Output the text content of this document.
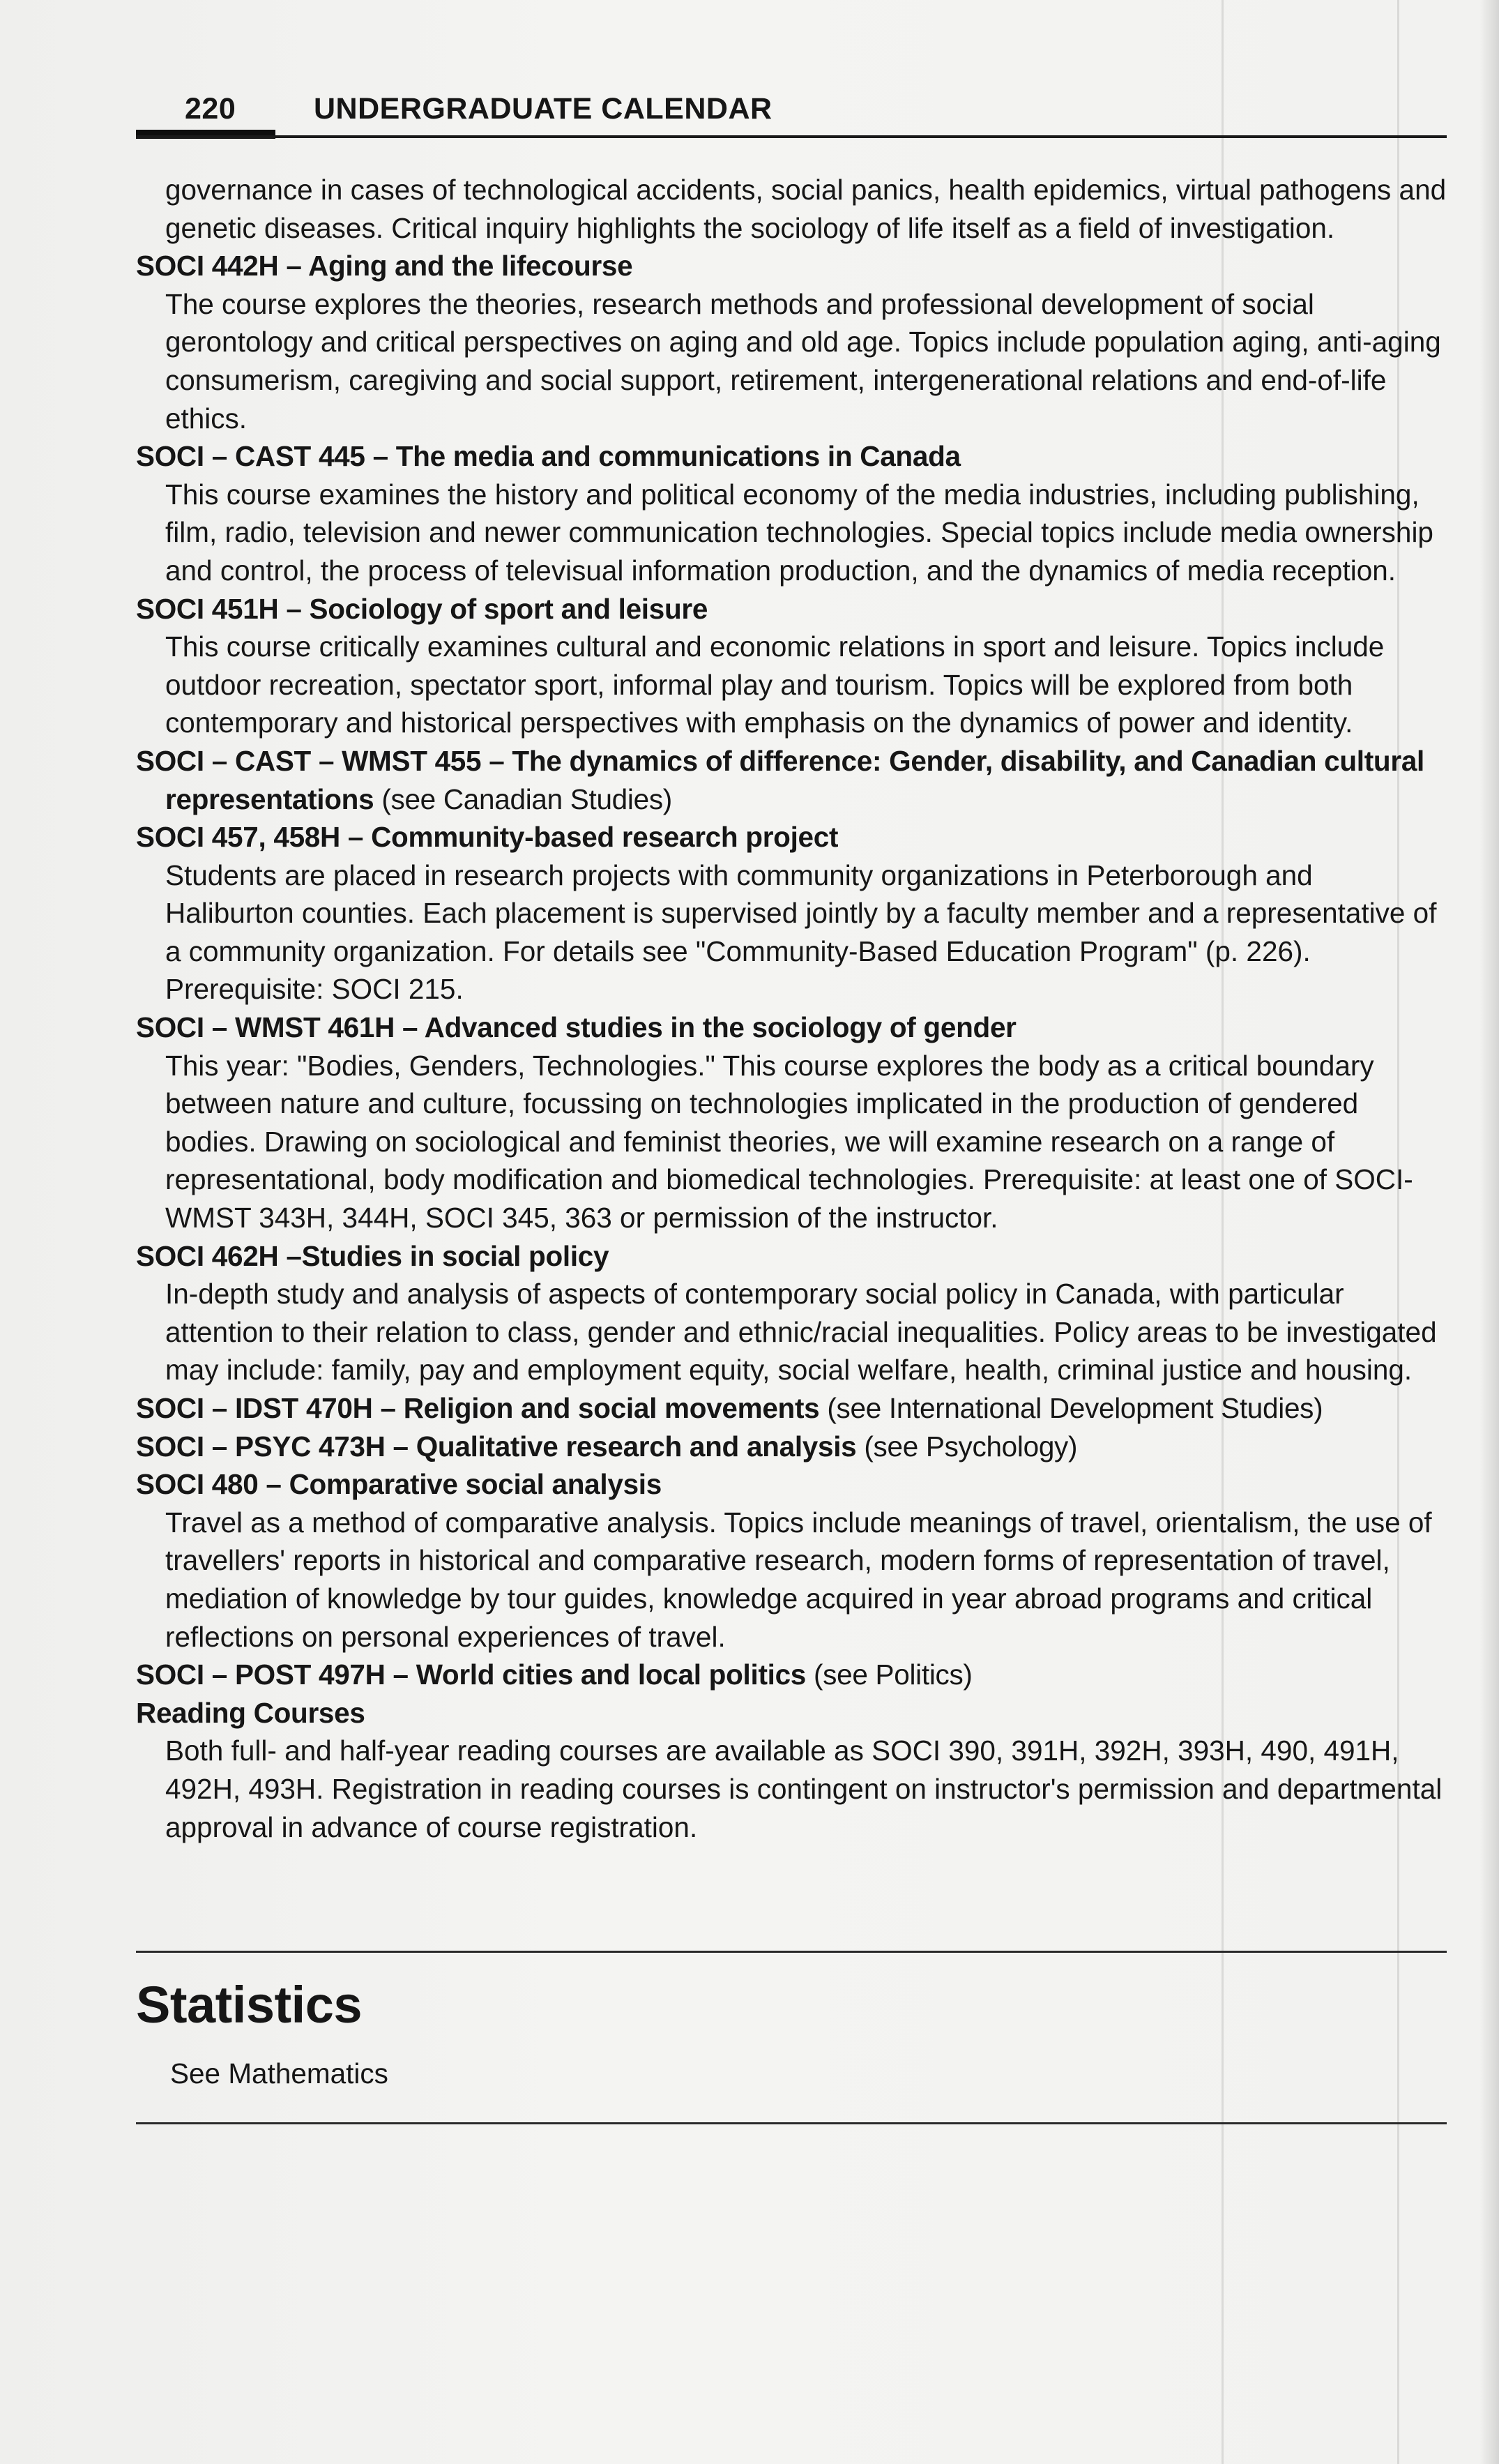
220	UNDERGRADUATE CALENDAR

governance in cases of technological accidents, social panics, health epidemics, virtual pathogens and genetic diseases. Critical inquiry highlights the sociology of life itself as a field of investigation.

SOCI 442H – Aging and the lifecourse

The course explores the theories, research methods and professional development of social gerontology and critical perspectives on aging and old age. Topics include population aging, anti-aging consumerism, caregiving and social support, retirement, intergenerational relations and end-of-life ethics.

SOCI – CAST 445 – The media and communications in Canada

This course examines the history and political economy of the media industries, including publishing, film, radio, television and newer communication technologies. Special topics include media ownership and control, the process of televisual information production, and the dynamics of media reception.

SOCI 451H – Sociology of sport and leisure

This course critically examines cultural and economic relations in sport and leisure. Topics include outdoor recreation, spectator sport, informal play and tourism. Topics will be explored from both contemporary and historical perspectives with emphasis on the dynamics of power and identity.

SOCI – CAST – WMST 455 – The dynamics of difference: Gender, disability, and Canadian cultural representations (see Canadian Studies)

SOCI 457, 458H – Community-based research project

Students are placed in research projects with community organizations in Peterborough and Haliburton counties. Each placement is supervised jointly by a faculty member and a representative of a community organization. For details see "Community-Based Education Program" (p. 226). Prerequisite: SOCI 215.

SOCI – WMST 461H – Advanced studies in the sociology of gender

This year: "Bodies, Genders, Technologies." This course explores the body as a critical boundary between nature and culture, focussing on technologies implicated in the production of gendered bodies. Drawing on sociological and feminist theories, we will examine research on a range of representational, body modification and biomedical technologies. Prerequisite: at least one of SOCI-WMST 343H, 344H, SOCI 345, 363 or permission of the instructor.

SOCI 462H –Studies in social policy

In-depth study and analysis of aspects of contemporary social policy in Canada, with particular attention to their relation to class, gender and ethnic/racial inequalities. Policy areas to be investigated may include: family, pay and employment equity, social welfare, health, criminal justice and housing.

SOCI – IDST 470H – Religion and social movements (see International Development Studies)

SOCI – PSYC 473H – Qualitative research and analysis (see Psychology)

SOCI 480 – Comparative social analysis

Travel as a method of comparative analysis. Topics include meanings of travel, orientalism, the use of travellers' reports in historical and comparative research, modern forms of representation of travel, mediation of knowledge by tour guides, knowledge acquired in year abroad programs and critical reflections on personal experiences of travel.

SOCI – POST 497H – World cities and local politics (see Politics)

Reading Courses

Both full- and half-year reading courses are available as SOCI 390, 391H, 392H, 393H, 490, 491H, 492H, 493H. Registration in reading courses is contingent on instructor's permission and departmental approval in advance of course registration.

Statistics
See Mathematics
